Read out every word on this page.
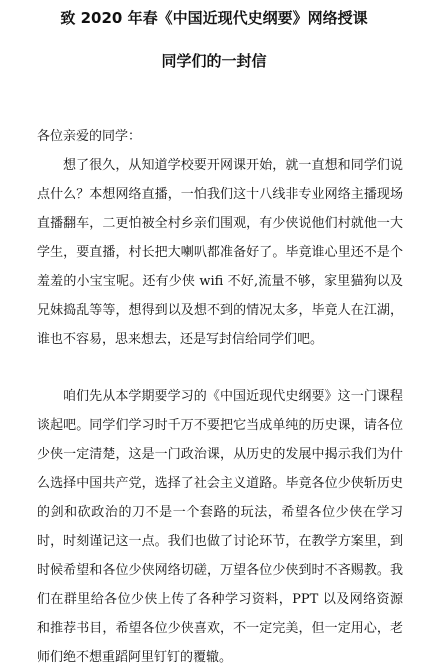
致 2020 年春《中国近现代史纲要》网络授课
同学们的一封信
各位亲爱的同学：

想了很久，从知道学校要开网课开始，就一直想和同学们说点什么？本想网络直播，一怕我们这十八线非专业网络主播现场直播翻车，二更怕被全村乡亲们围观，有少侠说他们村就他一大学生，要直播，村长把大喇叭都准备好了。毕竟谁心里还不是个羞羞的小宝宝呢。还有少侠 wifi 不好,流量不够，家里猫狗以及兄妹捣乱等等，想得到以及想不到的情况太多，毕竟人在江湖，谁也不容易，思来想去，还是写封信给同学们吧。

咱们先从本学期要学习的《中国近现代史纲要》这一门课程谈起吧。同学们学习时千万不要把它当成单纯的历史课，请各位少侠一定清楚，这是一门政治课，从历史的发展中揭示我们为什么选择中国共产党，选择了社会主义道路。毕竟各位少侠斩历史的剑和砍政治的刀不是一个套路的玩法，希望各位少侠在学习时，时刻谨记这一点。我们也做了讨论环节，在教学方案里，到时候希望和各位少侠网络切磋，万望各位少侠到时不吝赐教。我们在群里给各位少侠上传了各种学习资料，PPT 以及网络资源和推荐书目，希望各位少侠喜欢，不一定完美，但一定用心，老师们绝不想重蹈阿里钉钉的覆辙。
